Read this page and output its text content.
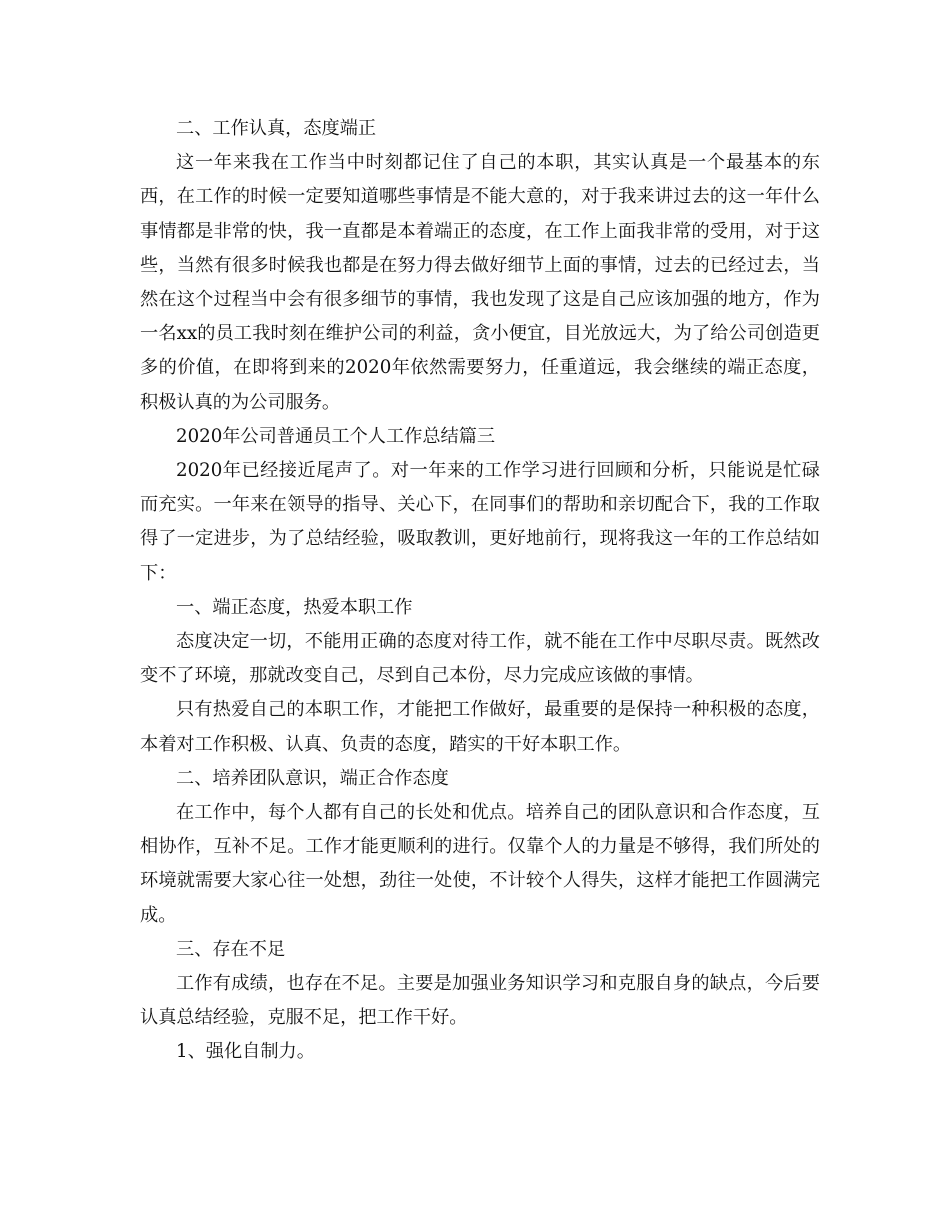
二、工作认真，态度端正

这一年来我在工作当中时刻都记住了自己的本职，其实认真是一个最基本的东西，在工作的时候一定要知道哪些事情是不能大意的，对于我来讲过去的这一年什么事情都是非常的快，我一直都是本着端正的态度，在工作上面我非常的受用，对于这些，当然有很多时候我也都是在努力得去做好细节上面的事情，过去的已经过去，当然在这个过程当中会有很多细节的事情，我也发现了这是自己应该加强的地方，作为一名xx的员工我时刻在维护公司的利益，贪小便宜，目光放远大，为了给公司创造更多的价值，在即将到来的2020年依然需要努力，任重道远，我会继续的端正态度，积极认真的为公司服务。

2020年公司普通员工个人工作总结篇三

2020年已经接近尾声了。对一年来的工作学习进行回顾和分析，只能说是忙碌而充实。一年来在领导的指导、关心下，在同事们的帮助和亲切配合下，我的工作取得了一定进步，为了总结经验，吸取教训，更好地前行，现将我这一年的工作总结如下：

一、端正态度，热爱本职工作

态度决定一切，不能用正确的态度对待工作，就不能在工作中尽职尽责。既然改变不了环境，那就改变自己，尽到自己本份，尽力完成应该做的事情。

只有热爱自己的本职工作，才能把工作做好，最重要的是保持一种积极的态度，本着对工作积极、认真、负责的态度，踏实的干好本职工作。

二、培养团队意识，端正合作态度

在工作中，每个人都有自己的长处和优点。培养自己的团队意识和合作态度，互相协作，互补不足。工作才能更顺利的进行。仅靠个人的力量是不够得，我们所处的环境就需要大家心往一处想，劲往一处使，不计较个人得失，这样才能把工作圆满完成。

三、存在不足

工作有成绩，也存在不足。主要是加强业务知识学习和克服自身的缺点，今后要认真总结经验，克服不足，把工作干好。

1、强化自制力。
